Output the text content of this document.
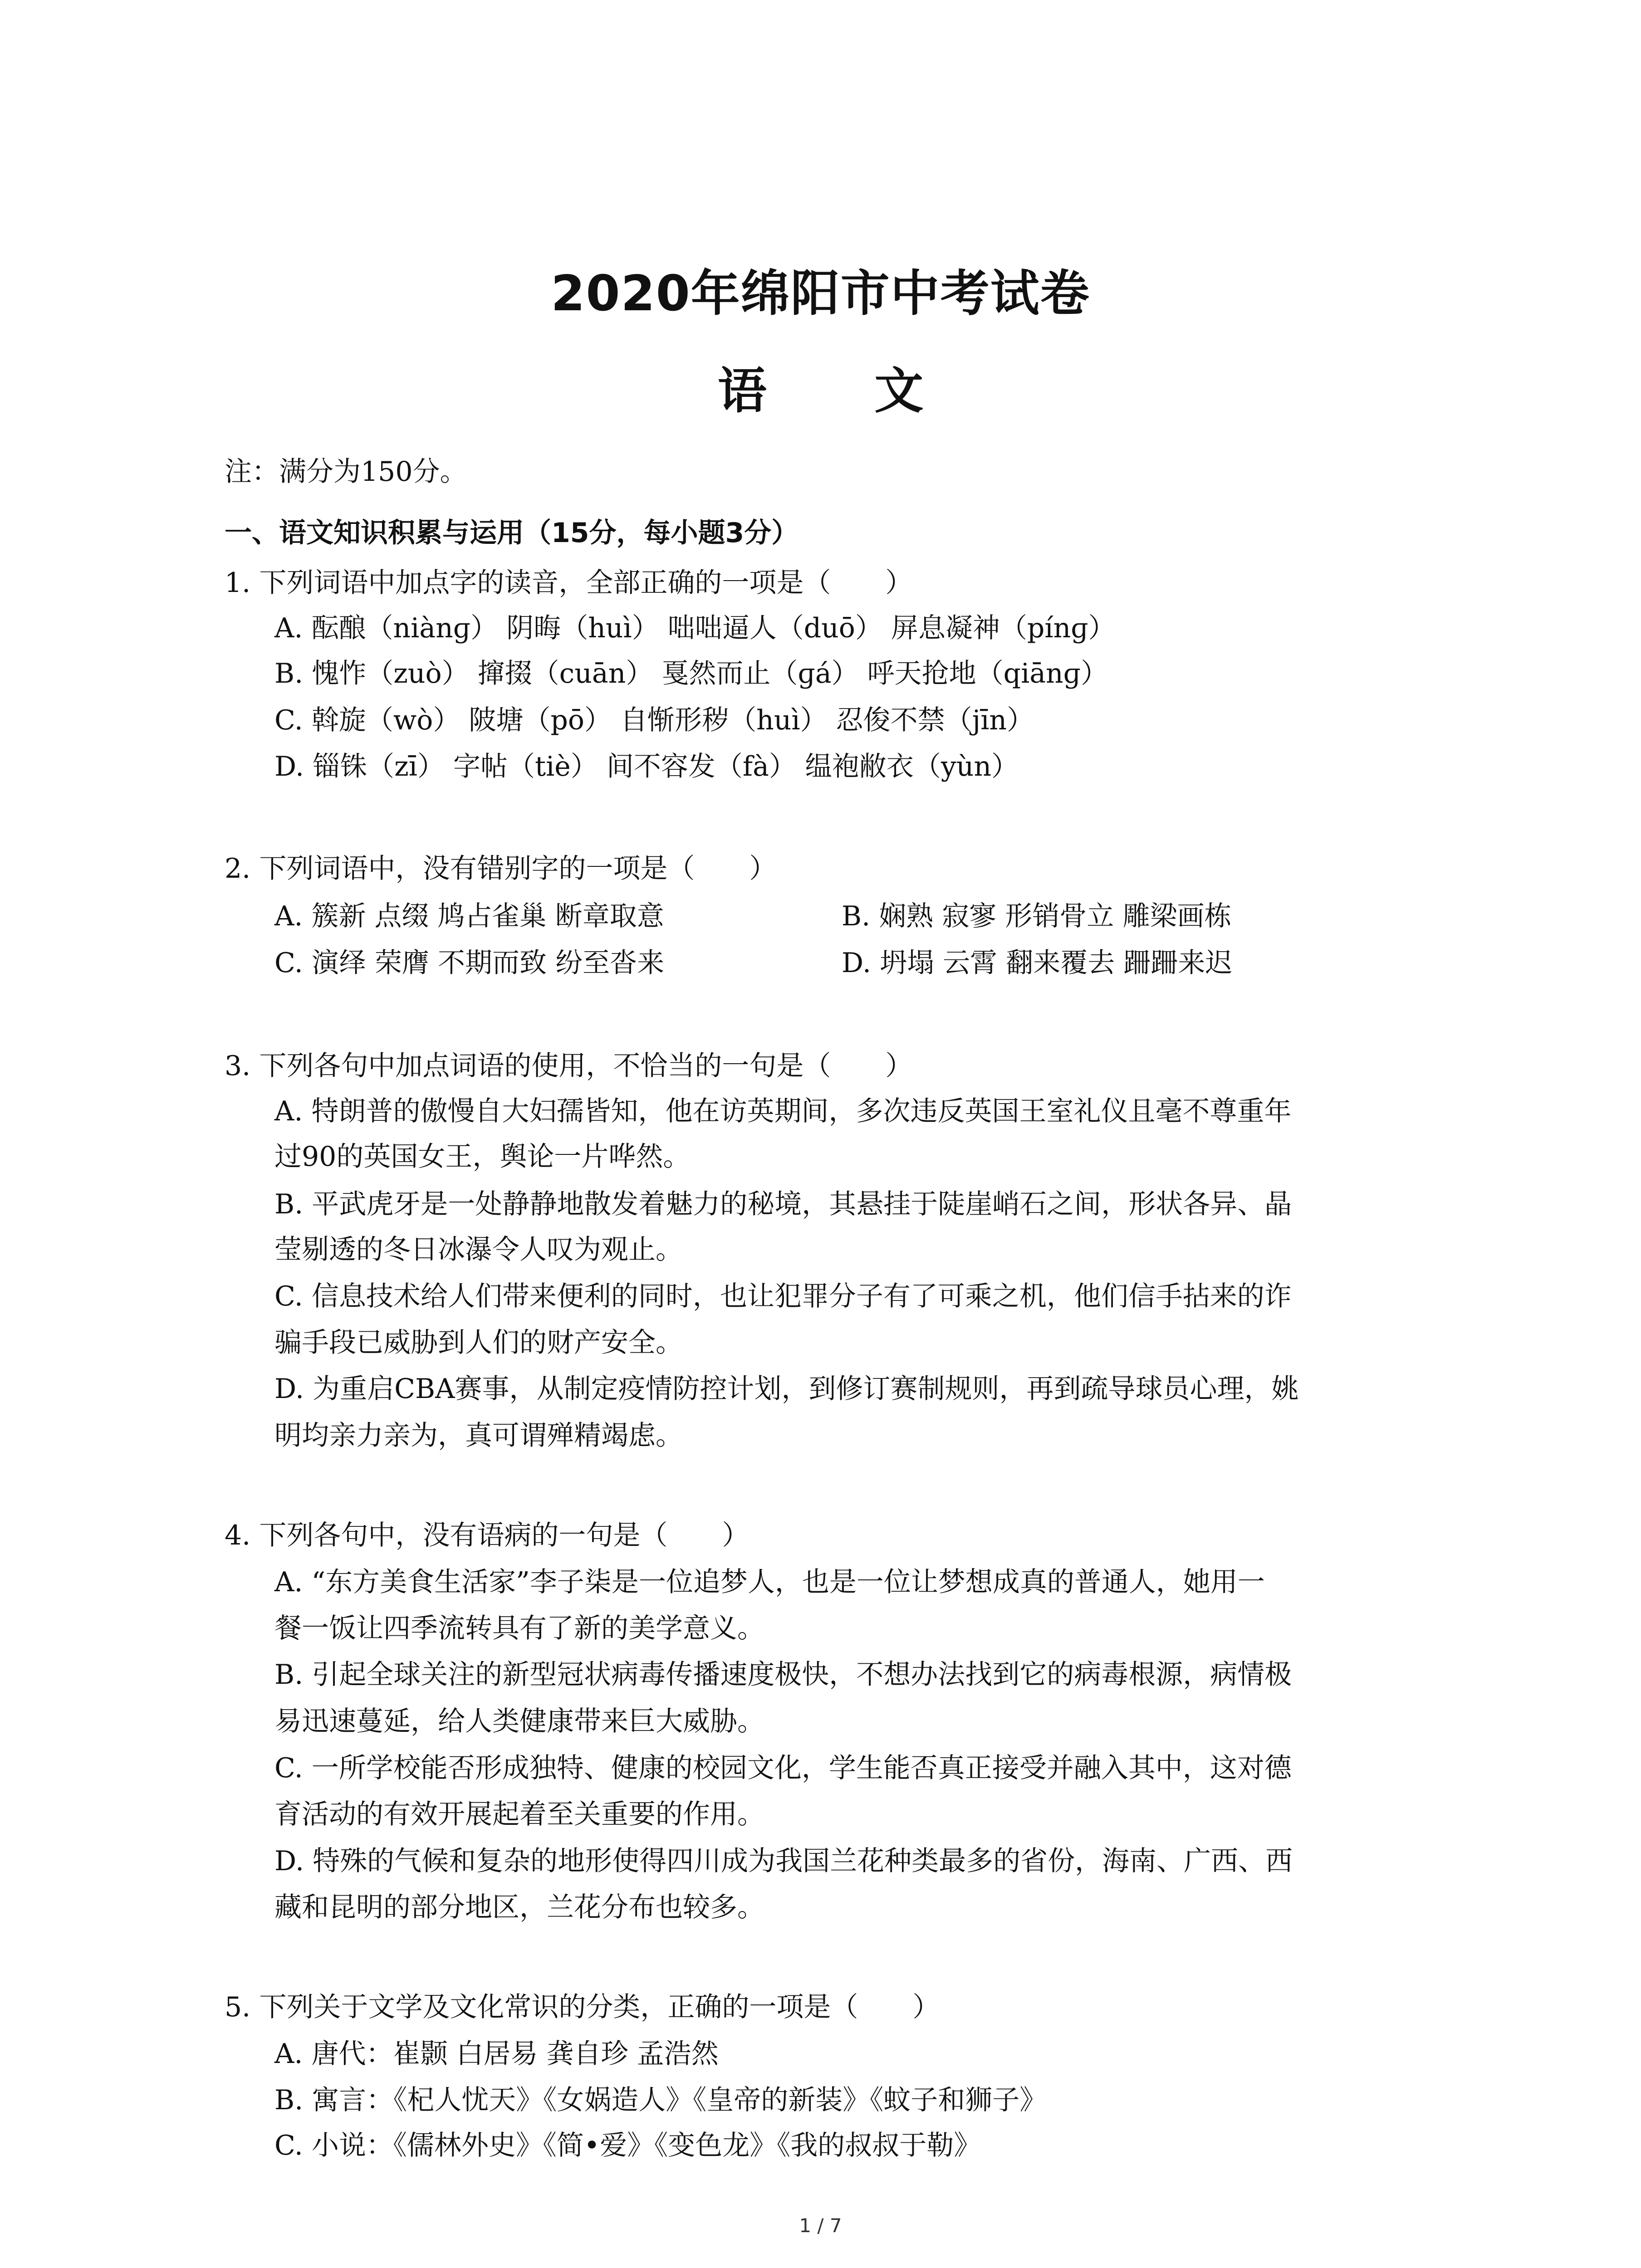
2020年绵阳市中考试卷
语 文
注：满分为150分。
一、语文知识积累与运用（15分，每小题3分）
1. 下列词语中加点字的读音，全部正确的一项是（　　）
A. 酝酿（niànɡ） 阴晦（huì） 咄咄逼人（duō） 屏息凝神（pínɡ）
B. 愧怍（zuò） 撺掇（cuān） 戛然而止（ɡá） 呼天抢地（qiānɡ）
C. 斡旋（wò） 陂塘（pō） 自惭形秽（huì） 忍俊不禁（jīn）
D. 锱铢（zī） 字帖（tiè） 间不容发（fà） 缊袍敝衣（yùn）
2. 下列词语中，没有错别字的一项是（　　）
A. 簇新 点缀 鸠占雀巢 断章取意	B. 娴熟 寂寥 形销骨立 雕梁画栋
C. 演绎 荣膺 不期而致 纷至沓来	D. 坍塌 云霄 翻来覆去 跚跚来迟
3. 下列各句中加点词语的使用，不恰当的一句是（　　）
A. 特朗普的傲慢自大妇孺皆知，他在访英期间，多次违反英国王室礼仪且毫不尊重年
过90的英国女王，舆论一片哗然。
B. 平武虎牙是一处静静地散发着魅力的秘境，其悬挂于陡崖峭石之间，形状各异、晶
莹剔透的冬日冰瀑令人叹为观止。
C. 信息技术给人们带来便利的同时，也让犯罪分子有了可乘之机，他们信手拈来的诈
骗手段已威胁到人们的财产安全。
D. 为重启CBA赛事，从制定疫情防控计划，到修订赛制规则，再到疏导球员心理，姚
明均亲力亲为，真可谓殚精竭虑。
4. 下列各句中，没有语病的一句是（　　）
A. “东方美食生活家”李子柒是一位追梦人，也是一位让梦想成真的普通人，她用一
餐一饭让四季流转具有了新的美学意义。
B. 引起全球关注的新型冠状病毒传播速度极快，不想办法找到它的病毒根源，病情极
易迅速蔓延，给人类健康带来巨大威胁。
C. 一所学校能否形成独特、健康的校园文化，学生能否真正接受并融入其中，这对德
育活动的有效开展起着至关重要的作用。
D. 特殊的气候和复杂的地形使得四川成为我国兰花种类最多的省份，海南、广西、西
藏和昆明的部分地区，兰花分布也较多。
5. 下列关于文学及文化常识的分类，正确的一项是（　　）
A. 唐代：崔颢 白居易 龚自珍 孟浩然
B. 寓言：《杞人忧天》《女娲造人》《皇帝的新装》《蚊子和狮子》
C. 小说：《儒林外史》《简•爱》《变色龙》《我的叔叔于勒》
1 / 7
